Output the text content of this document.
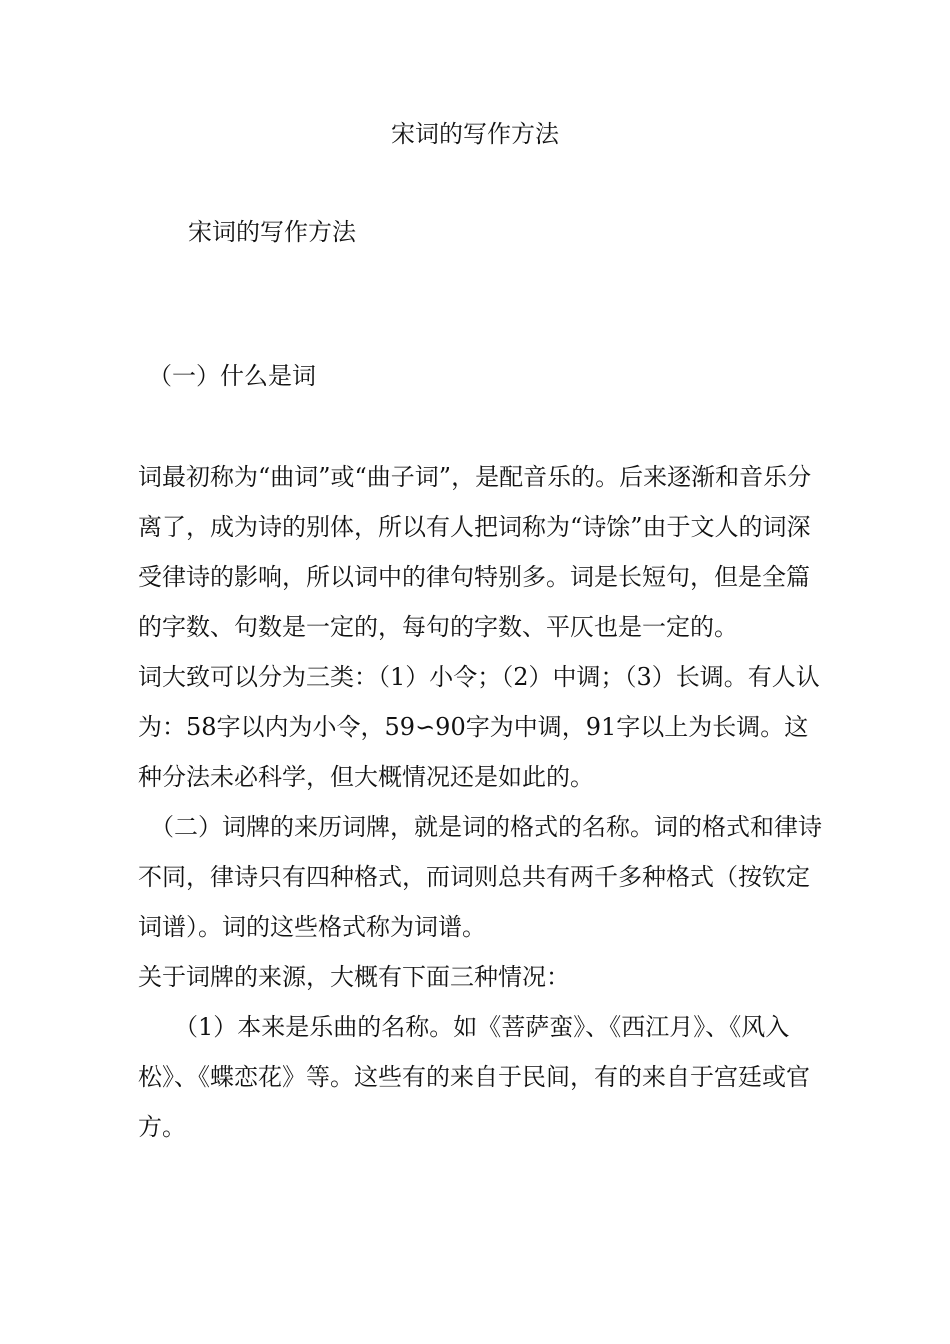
宋词的写作方法
宋词的写作方法
（一）什么是词

词最初称为“曲词”或“曲子词”，是配音乐的。后来逐渐和音乐分离了，成为诗的别体，所以有人把词称为“诗馀”由于文人的词深受律诗的影响，所以词中的律句特别多。词是长短句，但是全篇的字数、句数是一定的，每句的字数、平仄也是一定的。

词大致可以分为三类：（1）小令；（2）中调；（3）长调。有人认为：58字以内为小令，59∽90字为中调，91字以上为长调。这种分法未必科学，但大概情况还是如此的。

（二）词牌的来历词牌，就是词的格式的名称。词的格式和律诗不同，律诗只有四种格式，而词则总共有两千多种格式（按钦定词谱）。词的这些格式称为词谱。

关于词牌的来源，大概有下面三种情况：

（1）本来是乐曲的名称。如《菩萨蛮》、《西江月》、《风入松》、《蝶恋花》等。这些有的来自于民间，有的来自于宫廷或官方。
